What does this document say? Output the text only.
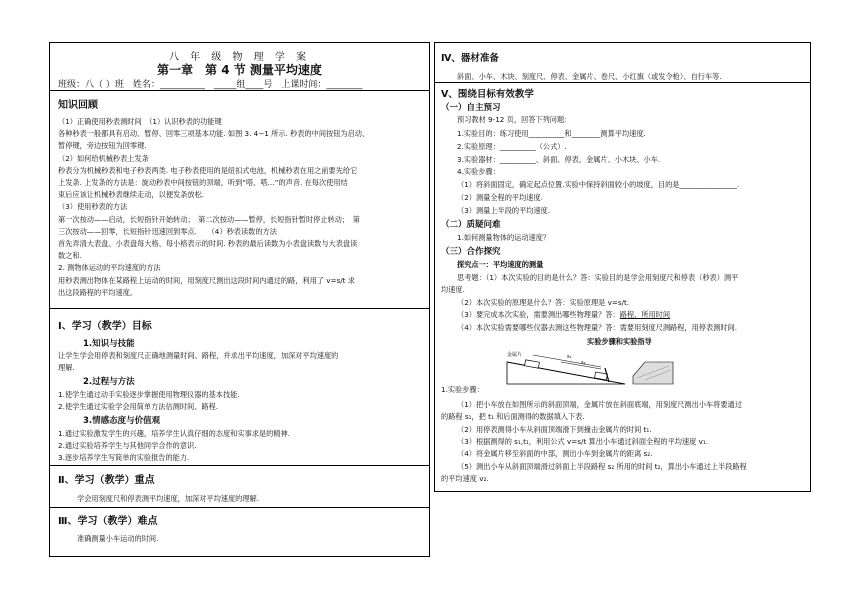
八 年 级 物 理 学 案
第一章　第 4 节 测量平均速度
班级：八（ ）班　姓名：__________　_____组____号　上课时间：________
知识回顾
（1）正确使用秒表测时间　（1）认识秒表的功能键
各种秒表一般都具有启动、暂停、回零三项基本功能. 如图 3. 4−1 所示. 秒表的中间按钮为启动、
暂停键，旁边按钮为回零键.
（2）如何给机械秒表上发条
秒表分为机械秒表和电子秒表两类. 电子秒表使用的是纽扣式电池，机械秒表在用之前要先给它
上发条. 上发条的方法是：旋动秒表中间按钮的顶端，听到“嗒、嗒…”的声音. 在每次使用结
束后应该让机械秒表继续走动，以便发条放松.
（3）使用秒表的方法
第一次按动——启动，长短指针开始转动；　第二次按动——暂停，长短指针暂时停止转动；　第
三次按动——回零，长短指针迅速回到零点.　　（4）秒表读数的方法
首先弄清大表盘、小表盘每大格、每小格表示的时间. 秒表的最后读数为小表盘读数与大表盘读
数之和.
2. 测物体运动的平均速度的方法
用秒表测出物体在某路程上运动的时间，用刻度尺测出这段时间内通过的路，利用了 v=s/t 求
出这段路程的平均速度。
Ⅰ、学习（教学）目标
1.知识与技能
让学生学会用停表和刻度尺正确地测量时间、路程，并求出平均速度，加深对平均速度的
理解.
2.过程与方法
1.使学生通过动手实验逐步掌握使用物理仪器的基本技能.
2.使学生通过实验学会用简单方法估测时间、路程.
3.情感态度与价值观
1.通过实验激发学生的兴趣，培养学生认真仔细的态度和实事求是的精神.
2.通过实验培养学生与其他同学合作的意识.
3.逐步培养学生写简单的实验报告的能力.
Ⅱ、学习（教学）重点
学会用刻度尺和停表测平均速度，加深对平均速度的理解.
Ⅲ、学习（教学）难点
准确测量小车运动的时间.
Ⅳ、器材准备
斜面、小车、木块、刻度尺、停表、金属片、卷尺、小红旗（或发令枪）、自行车等.
Ⅴ、围绕目标有效教学
（一）自主预习
预习教材 9-12 页，回答下列问题：
1.实验目的：练习使用__________和________测算平均速度.
2.实验原理：__________（公式）.
3.实验器材：__________、斜面、停表、金属片、小木块、小车.
4.实验步骤：
（1）将斜面固定，确定起点位置.实验中保持斜面较小的坡度，目的是________________.
（2）测量全程的平均速度.
（3）测量上半段的平均速度.
（二）质疑问难
1.如何测量物体的运动速度？
（三）合作探究
探究点一：平均速度的测量
思考题：（1）本次实验的目的是什么？答：实验目的是学会用刻度尺和停表（秒表）测平
均速度.
（2）本次实验的原理是什么？答：实验原理是 v=s/t.
（3）要完成本次实验，需要测出哪些物理量？答：路程、所用时间
（4）本次实验需要哪些仪器去测这些物理量？答：需要用刻度尺测路程，用停表测时间.
实验步骤和实验指导
金属片	s₁
s₂
1.实验步骤：
（1）把小车放在如图所示的斜面顶端，金属片放在斜面底端，用刻度尺测出小车将要通过
的路程 s₁，把 t₁ 和后面测得的数据填入下表.
（2）用停表测得小车从斜面顶端滑下到撞击金属片的时间 t₁.
（3）根据测得的 s₁,t₁，利用公式 v=s/t 算出小车通过斜面全程的平均速度 v₁.
（4）将金属片移至斜面的中部，测出小车到金属片的距离 s₂.
（5）测出小车从斜面顶端滑过斜面上半段路程 s₂ 所用的时间 t₂，算出小车通过上半段路程
的平均速度 v₂.
